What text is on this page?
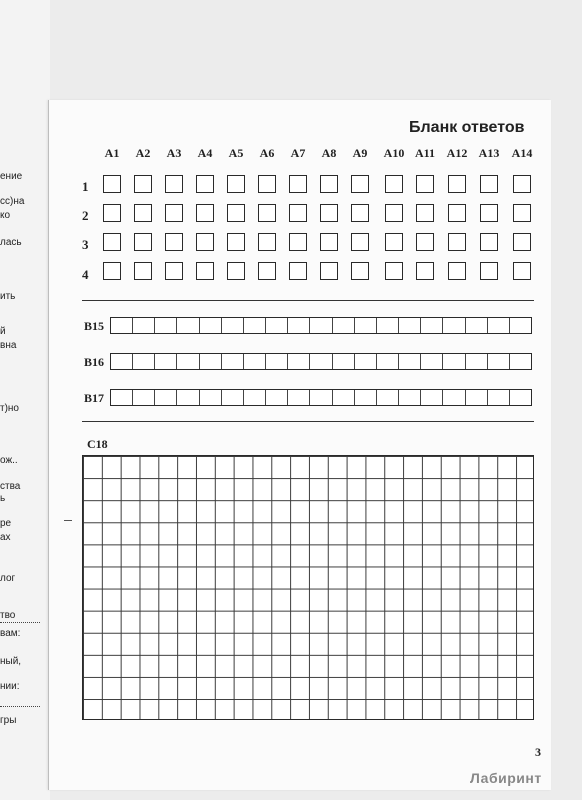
ение
сс)на
ко
лась
ить
й
вна
т)но
ож..
ства
ь
ре
ах
лог
тво
вам:
ный,
нии:
гры
Бланк ответов
A1	A2	A3	A4	A5	A6	A7	A8	A9	A10 A11 A12 A13	A14
1
2
3
4
B15
B16
B17
C18
3
Лабиринт
